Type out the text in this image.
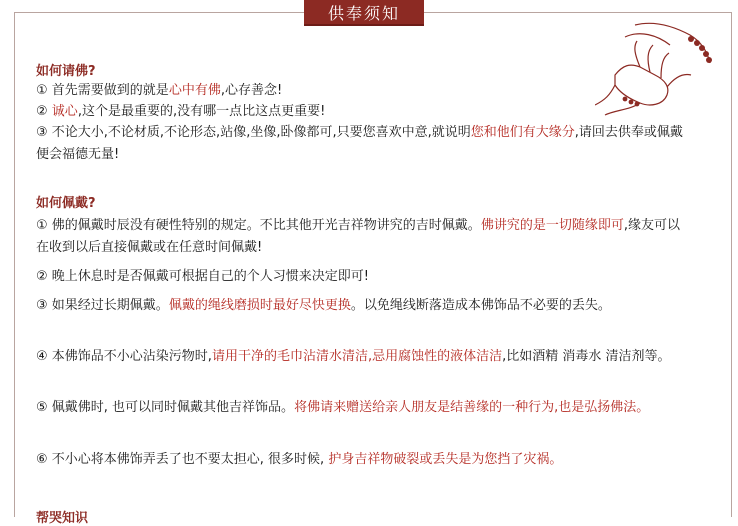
供奉须知
如何请佛?
① 首先需要做到的就是心中有佛,心存善念!
② 诚心,这个是最重要的,没有哪一点比这点更重要!
③ 不论大小,不论材质,不论形态,站像,坐像,卧像都可,只要您喜欢中意,就说明您和他们有大缘分,请回去供奉或佩戴便会福德无量!
如何佩戴?
① 佛的佩戴时辰没有硬性特别的规定。不比其他开光吉祥物讲究的吉时佩戴。佛讲究的是一切随缘即可,缘友可以在收到以后直接佩戴或在任意时间佩戴!
② 晚上休息时是否佩戴可根据自己的个人习惯来决定即可!
③ 如果经过长期佩戴。佩戴的绳线磨损时最好尽快更换。以免绳线断落造成本佛饰品不必要的丢失。
④ 本佛饰品不小心沾染污物时,请用干净的毛巾沾清水清洁,忌用腐蚀性的液体洁洁,比如酒精 消毒水 清洁剂等。
⑤ 佩戴佛时, 也可以同时佩戴其他吉祥饰品。将佛请来赠送给亲人朋友是结善缘的一种行为,也是弘扬佛法。
⑥ 不小心将本佛饰弄丢了也不要太担心, 很多时候, 护身吉祥物破裂或丢失是为您挡了灾祸。
帮哭知识
